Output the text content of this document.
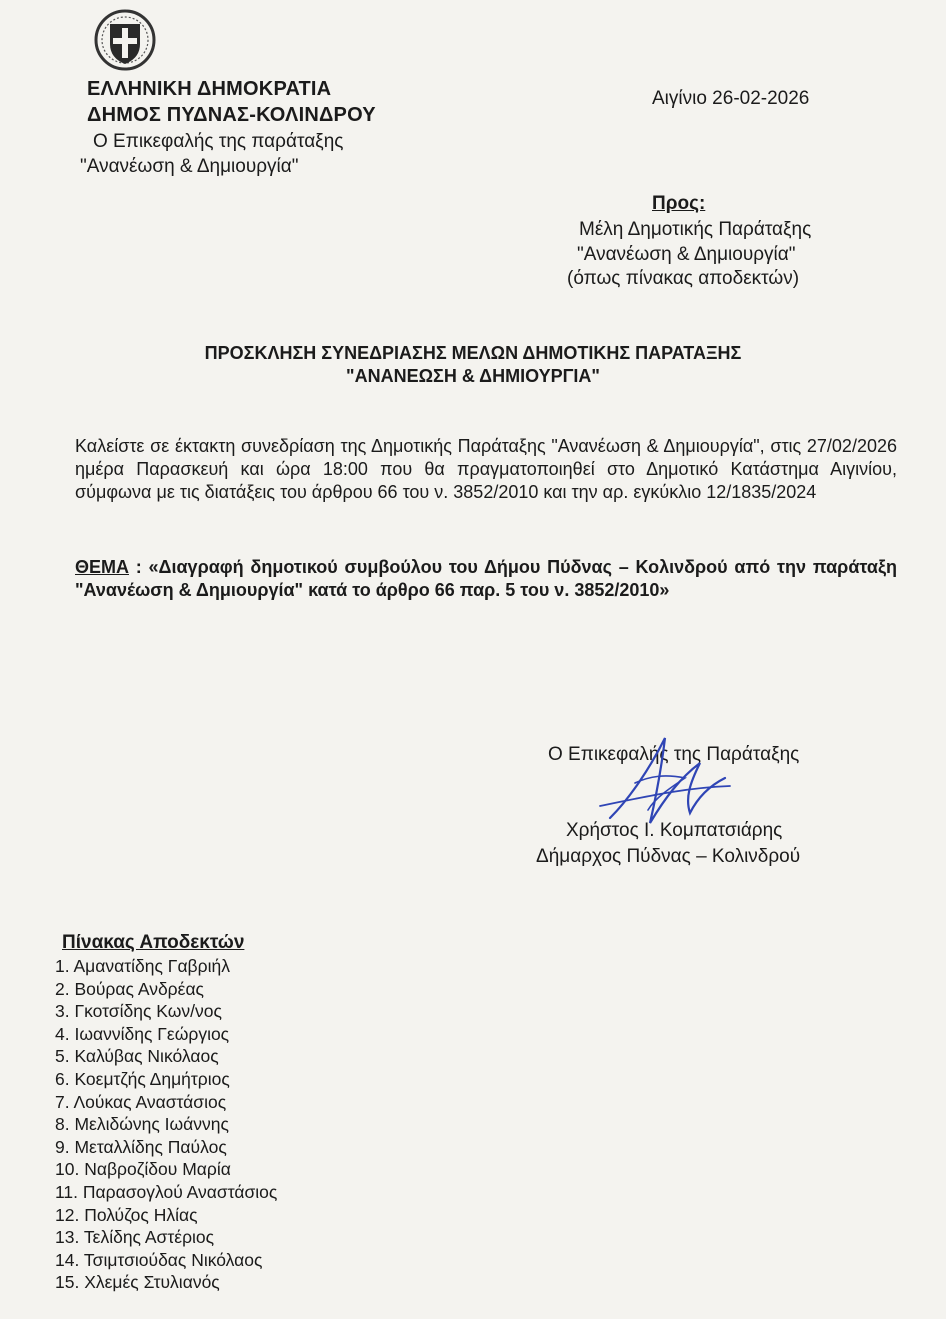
ΕΛΛΗΝΙΚΗ ΔΗΜΟΚΡΑΤΙΑ
ΔΗΜΟΣ ΠΥΔΝΑΣ-ΚΟΛΙΝΔΡΟΥ
Ο Επικεφαλής της παράταξης
"Ανανέωση & Δημιουργία"
Αιγίνιο 26-02-2026
Προς:
Μέλη Δημοτικής Παράταξης
"Ανανέωση & Δημιουργία"
(όπως πίνακας αποδεκτών)
ΠΡΟΣΚΛΗΣΗ ΣΥΝΕΔΡΙΑΣΗΣ ΜΕΛΩΝ ΔΗΜΟΤΙΚΗΣ ΠΑΡΑΤΑΞΗΣ
"ΑΝΑΝΕΩΣΗ & ΔΗΜΙΟΥΡΓΙΑ"
Καλείστε σε έκτακτη συνεδρίαση της Δημοτικής Παράταξης "Ανανέωση & Δημιουργία", στις 27/02/2026 ημέρα Παρασκευή και ώρα 18:00 που θα πραγματοποιηθεί στο Δημοτικό Κατάστημα Αιγινίου, σύμφωνα με τις διατάξεις του άρθρου 66 του ν. 3852/2010 και την αρ. εγκύκλιο 12/1835/2024
ΘΕΜΑ : «Διαγραφή δημοτικού συμβούλου του Δήμου Πύδνας – Κολινδρού από την παράταξη "Ανανέωση & Δημιουργία" κατά το άρθρο 66 παρ. 5 του ν. 3852/2010»
Ο Επικεφαλής της Παράταξης
Χρήστος Ι. Κομπατσιάρης
Δήμαρχος Πύδνας – Κολινδρού
Πίνακας Αποδεκτών
1. Αμανατίδης Γαβριήλ
2. Βούρας Ανδρέας
3. Γκοτσίδης Κων/νος
4. Ιωαννίδης Γεώργιος
5. Καλύβας Νικόλαος
6. Κοεμτζής Δημήτριος
7. Λούκας Αναστάσιος
8. Μελιδώνης Ιωάννης
9. Μεταλλίδης Παύλος
10. Ναβροζίδου Μαρία
11. Παρασογλού Αναστάσιος
12. Πολύζος Ηλίας
13. Τελίδης Αστέριος
14. Τσιμτσιούδας Νικόλαος
15. Χλεμές Στυλιανός
